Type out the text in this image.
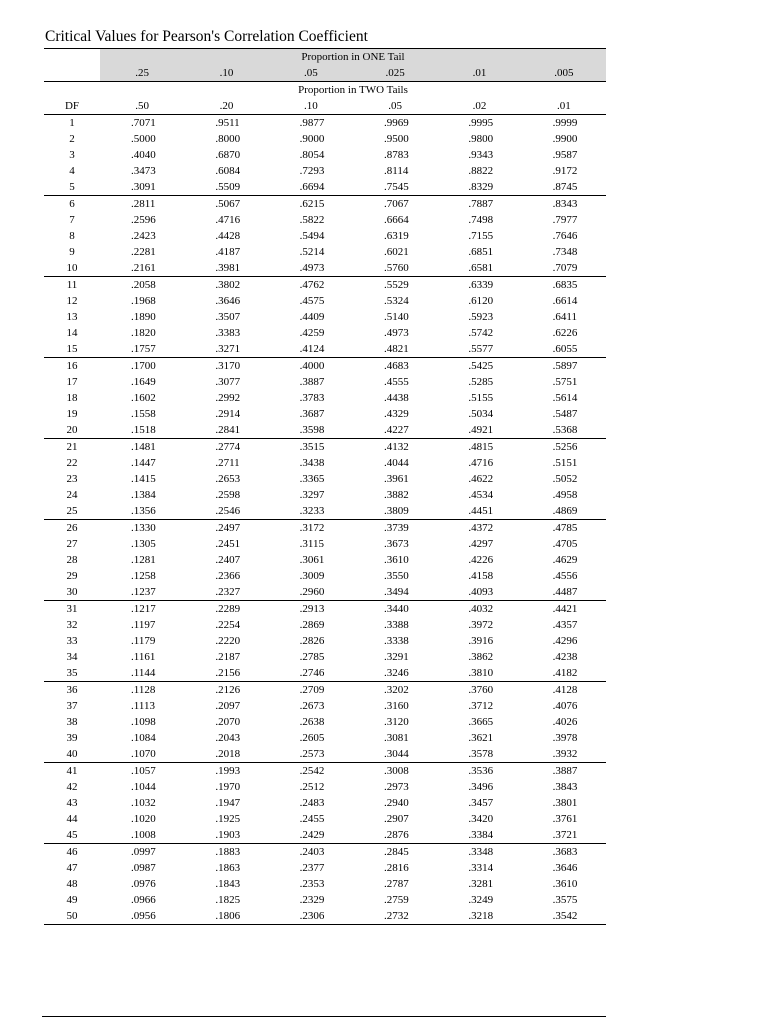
Critical Values for Pearson's Correlation Coefficient
	Proportion in ONE Tail					
	.25	.10	.05	.025	.01	.005
	Proportion in TWO Tails					
DF	.50	.20	.10	.05	.02	.01
1	.7071	.9511	.9877	.9969	.9995	.9999
2	.5000	.8000	.9000	.9500	.9800	.9900
3	.4040	.6870	.8054	.8783	.9343	.9587
4	.3473	.6084	.7293	.8114	.8822	.9172
5	.3091	.5509	.6694	.7545	.8329	.8745
6	.2811	.5067	.6215	.7067	.7887	.8343
7	.2596	.4716	.5822	.6664	.7498	.7977
8	.2423	.4428	.5494	.6319	.7155	.7646
9	.2281	.4187	.5214	.6021	.6851	.7348
10	.2161	.3981	.4973	.5760	.6581	.7079
11	.2058	.3802	.4762	.5529	.6339	.6835
12	.1968	.3646	.4575	.5324	.6120	.6614
13	.1890	.3507	.4409	.5140	.5923	.6411
14	.1820	.3383	.4259	.4973	.5742	.6226
15	.1757	.3271	.4124	.4821	.5577	.6055
16	.1700	.3170	.4000	.4683	.5425	.5897
17	.1649	.3077	.3887	.4555	.5285	.5751
18	.1602	.2992	.3783	.4438	.5155	.5614
19	.1558	.2914	.3687	.4329	.5034	.5487
20	.1518	.2841	.3598	.4227	.4921	.5368
21	.1481	.2774	.3515	.4132	.4815	.5256
22	.1447	.2711	.3438	.4044	.4716	.5151
23	.1415	.2653	.3365	.3961	.4622	.5052
24	.1384	.2598	.3297	.3882	.4534	.4958
25	.1356	.2546	.3233	.3809	.4451	.4869
26	.1330	.2497	.3172	.3739	.4372	.4785
27	.1305	.2451	.3115	.3673	.4297	.4705
28	.1281	.2407	.3061	.3610	.4226	.4629
29	.1258	.2366	.3009	.3550	.4158	.4556
30	.1237	.2327	.2960	.3494	.4093	.4487
31	.1217	.2289	.2913	.3440	.4032	.4421
32	.1197	.2254	.2869	.3388	.3972	.4357
33	.1179	.2220	.2826	.3338	.3916	.4296
34	.1161	.2187	.2785	.3291	.3862	.4238
35	.1144	.2156	.2746	.3246	.3810	.4182
36	.1128	.2126	.2709	.3202	.3760	.4128
37	.1113	.2097	.2673	.3160	.3712	.4076
38	.1098	.2070	.2638	.3120	.3665	.4026
39	.1084	.2043	.2605	.3081	.3621	.3978
40	.1070	.2018	.2573	.3044	.3578	.3932
41	.1057	.1993	.2542	.3008	.3536	.3887
42	.1044	.1970	.2512	.2973	.3496	.3843
43	.1032	.1947	.2483	.2940	.3457	.3801
44	.1020	.1925	.2455	.2907	.3420	.3761
45	.1008	.1903	.2429	.2876	.3384	.3721
46	.0997	.1883	.2403	.2845	.3348	.3683
47	.0987	.1863	.2377	.2816	.3314	.3646
48	.0976	.1843	.2353	.2787	.3281	.3610
49	.0966	.1825	.2329	.2759	.3249	.3575
50	.0956	.1806	.2306	.2732	.3218	.3542
